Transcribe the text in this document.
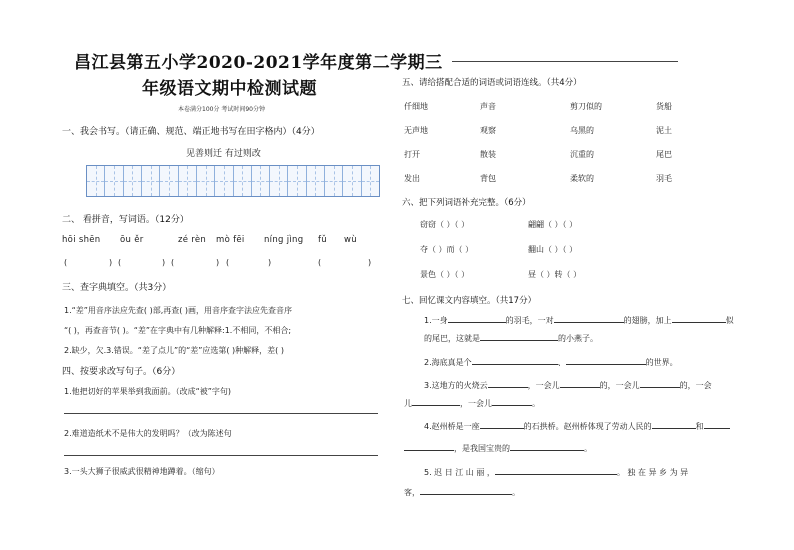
昌江县第五小学2020-2021学年度第二学期三
年级语文期中检测试题
本卷满分100分 考试时间90分钟
一、我会书写。（请正确、规范、端正地书写在田字格内）（4分）
见善则迁 有过则改
二、 看拼音，写词语。（12分）
hōi shēn ōu ěr	zé rèn mò fēi níng jìng fǔ wù
(	) (	) (	) (	)	(	)
三、查字典填空。（共3分）
1.“差”用音序法应先查( )部,再查( )画，用音序查字法应先查音序
“( )，再查音节( )。“差”在字典中有几种解释:1.不相同，不相合;
2.缺少，欠.3.错误。“差了点儿”的“差”应选第( )种解释，差( )
四、按要求改写句子。（6分）
1.他把切好的苹果举到我面前。（改成“被”字句)
2.难道造纸术不是伟大的发明吗？（改为陈述句
3.一头大狮子很威武很精神地蹲着。（缩句）
五、请给搭配合适的词语或词语连线。（共4分）
仟细地	声音	剪刀似的	货船
无声地	观察	乌黑的	泥土
打开	散装	沉重的	尾巴
发出	背包	柔软的	羽毛
六、把下列词语补充完整。（6分）
窃窃（ ）（ ）	翩翩（ ）（ ）
夺（ ）而（ ）	翻山（ ）（ ）
景色（ ）（ ）	昼（ ）转（ ）
七、回忆课文内容填空。（共17分）
1.一身	的羽毛，一对	的翅膀，加上	似
的尾巴，这就是	的小燕子。
2.海底真是个	、	的世界。
3.这地方的火烧云	，一会儿	的，一会儿	的，一会
儿	，一会儿	。
4.赵州桥是一座	的石拱桥。赵州桥体现了劳动人民的	和
，是我国宝贵的	。
5. 迟 日 江 山 丽 ，	。 独 在 异 乡 为 异
客，	。
